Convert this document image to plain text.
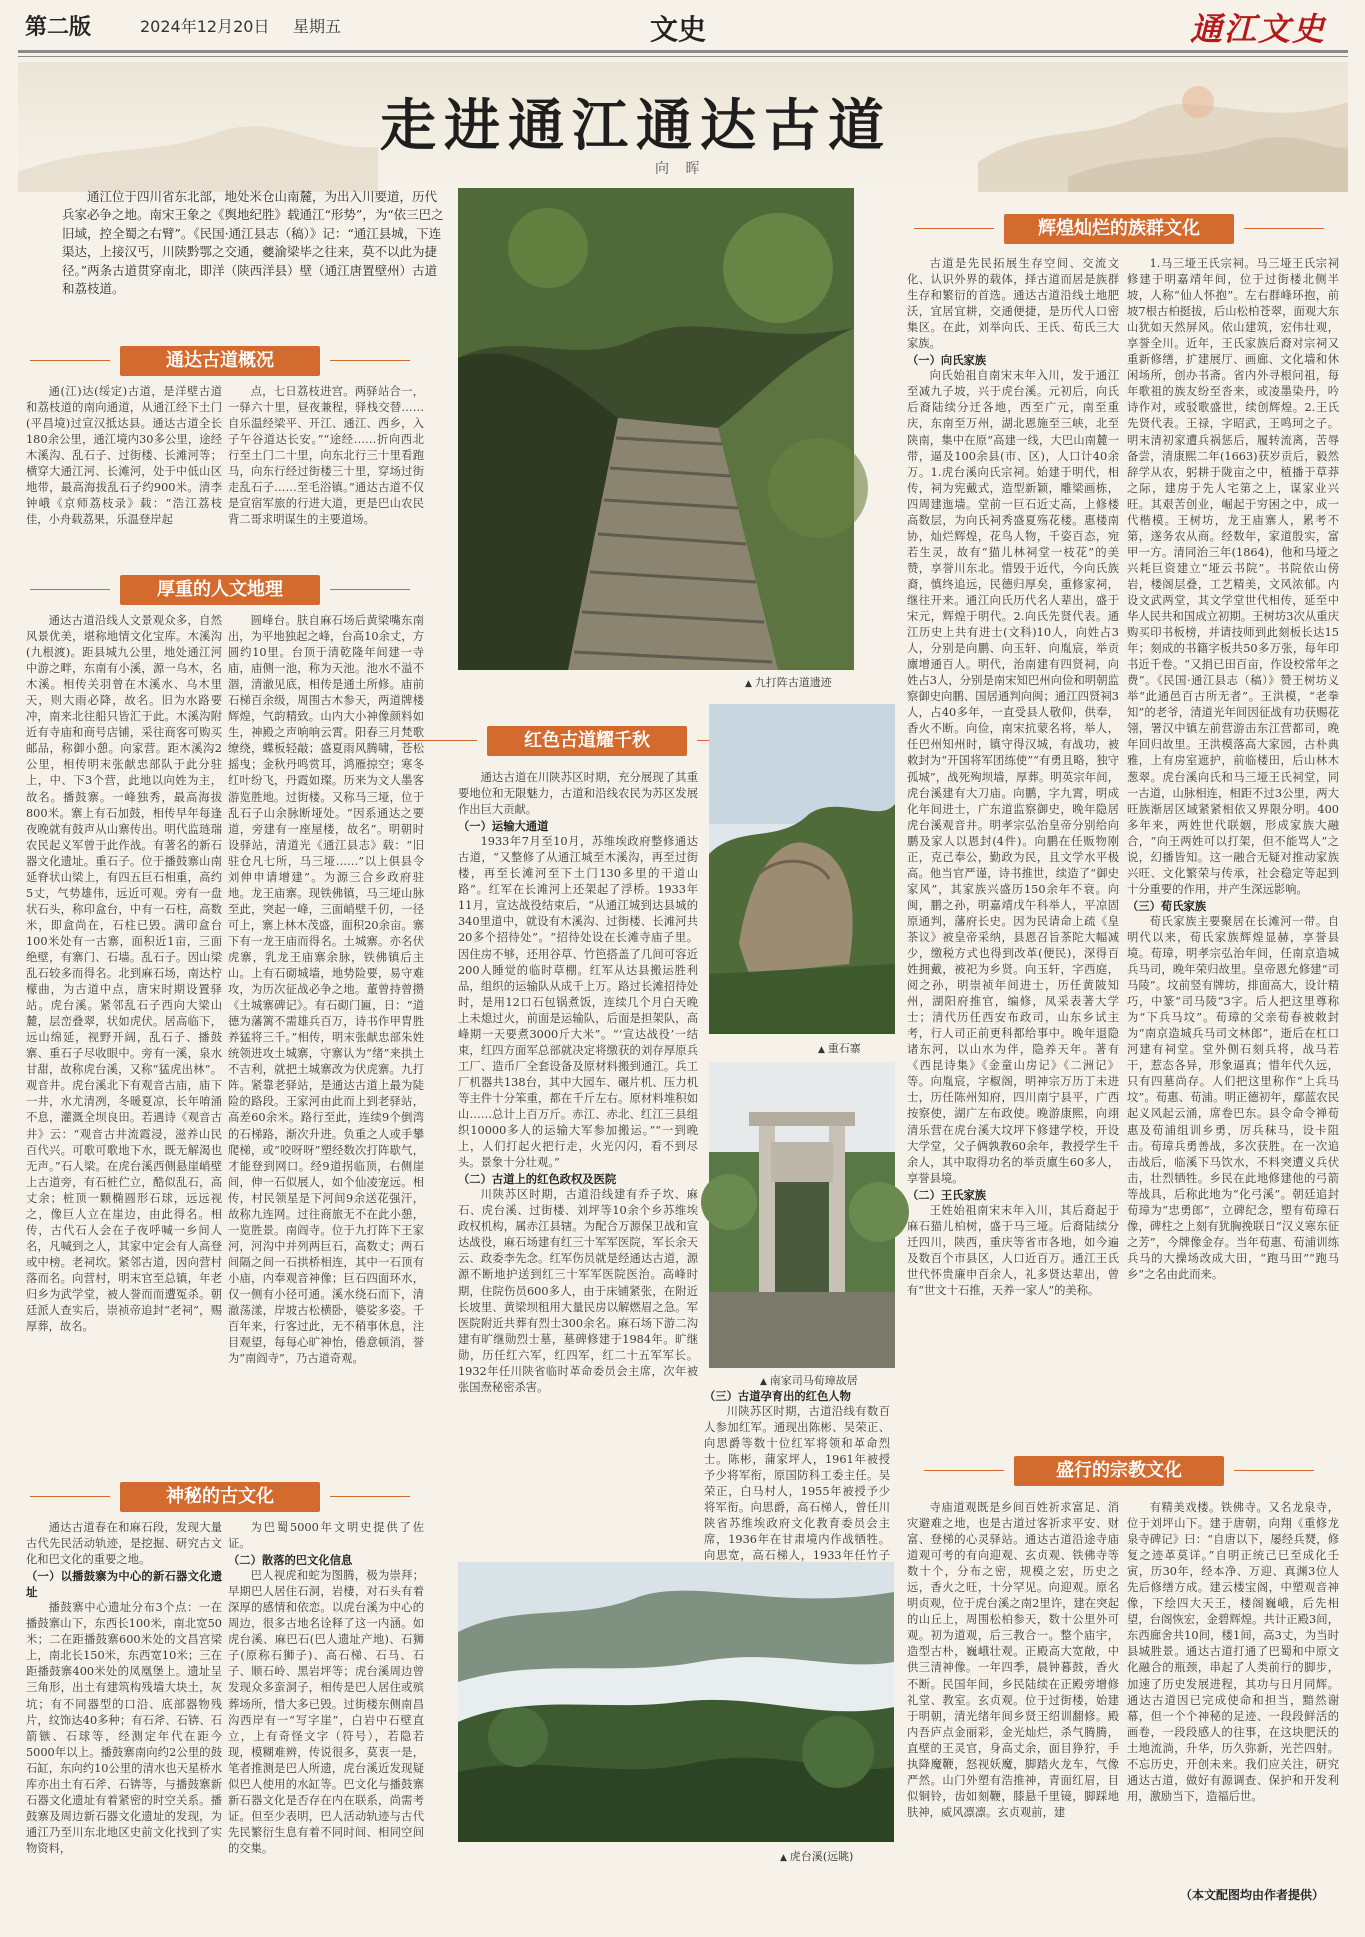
第二版	2024年12月20日 星期五	文史	通江文史
走进通江通达古道
向 晖
通江位于四川省东北部，地处米仓山南麓，为出入川要道，历代兵家必争之地。南宋王象之《舆地纪胜》载通江“形势”，为“依三巴之旧域，控全蜀之右臂”。《民国·通江县志（稿）》记：“通江县城，下连渠达，上接汉丐，川陕黔鄂之交通，夔渝梁毕之往来，莫不以此为捷径。”两条古道贯穿南北，即洋（陕西洋县）壁（通江唐置壁州）古道和荔枝道。
通达古道概况

通(江)达(绥定)古道，是洋壁古道和荔枝道的南向通道，从通江经下土门(平昌境)过宣汉抵达县。通达古道全长180余公里，通江境内30多公里，途经木溪沟、乱石子、过街楼、长滩河等；横穿大通江河、长滩河，处于中低山区地带，最高海拔乱石子约900米。清李钟峨《京师荔枝录》载：“浩江荔枝佳，小舟载荔果，乐温登岸起

点，七日荔枝进宫。两驿站合一，一驿六十里，昼夜兼程，驿栈交替……自乐温经梁平、开江、通江、西乡，入子午谷道达长安。”“途经……折向西北行至土门二十里，向东北行三十里看跑马，向东行经过街楼三十里，穿场过街走乱石子……至毛浴镇。”通达古道不仅是宣宿军旅的行进大道，更是巴山农民背二哥求明谋生的主要道场。

厚重的人文地理

通达古道沿线人文景观众多，自然风景优美，堪称地情文化宝库。木溪沟(九根渡)。距县城九公里，地处通江河中游之畔，东南有小溪，源一乌木，名木溪。相传关羽曾在木溪水、乌木里天，则大雨必降，故名。旧为水路要冲，南来北往船只皆汇于此。木溪沟附近有寺庙和商号店铺，采往商客可购买邮品，称御小憩。向家营。距木溪沟2公里，相传明末张献忠部队于此分驻上，中、下3个营，此地以向姓为主，故名。播鼓寨。一峰独秀，最高海拔800米。寨上有石加鼓，相传早年每逢夜晚就有鼓声从山寨传出。明代监琏瑞农民起义军曾于此作战。有著名的新石器文化遗址。重石子。位于播鼓寨山南延脊状山梁上，有四五巨石相重，高约5丈，气势雄伟，远近可观。旁有一盘状石头，称印盒台，中有一石柱，高数米，即盒尚在，石柱已毁。满印盒台100米处有一古寨，面积近1亩，三面绝壁，有寨门、石墙。乱石子。因山梁乱石较多而得名。北到麻石场，南达柠檬曲，为古道中点，唐宋时期设置驿站。虎台溪。紧邻乱石子西向大梁山麓，层峦叠翠，状如虎伏。居高临下，远山绵延，视野开阔，乱石子、播鼓寨、重石子尽收眼中。旁有一溪，泉水甘甜，故称虎台溪，又称“猛虎出林”。观音井。虎台溪北下有观音古庙，庙下一井，水尤清冽，冬暖夏凉，长年唷涌不息，灌溉全坝良田。若遇诗《观音古井》云：“观音古井流霞浸，滋养山民百代兴。可歌可歌地下水，既无解渴也无声。”石人梁。在虎台溪西侧悬崖峭壁上古道旁，有石桩伫立，酷似乱石，高丈余；桩顶一颗椭圆形石球，远远视之，像巨人立在崖边，由此得名。相传，古代石人会在子夜呼喊一乡间人名，凡喊到之人，其家中定会有人高登或中榜。老祠坎。紧邻古道，因向营村落而名。向营村，明末官至总镇，年老归乡为武学堂，被人誉而而遭冤杀。朝廷派人查实后，崇祯帝追封“老祠”，赐厚葬，故名。

圆峰台。肤自麻石场后黄梁嘴东南出，为平地独起之峰，台高10余丈，方圆约10里。台顶于清乾隆年间建一寺庙，庙侧一池，称为天池。池水不溢不涸，清澈见底，相传是通土所修。庙前石梯百余级，周围古木参天，两道牌楼辉煌，气韵精致。山内大小神像颜料如生，神殿之声响响云霄。阳春三月梵歌缭绕，蝶板轻敲；盛夏雨风腾啸，苍松摇曳；金秋丹鸣赏耳，鸿雁掠空；寒冬红叶纷飞，丹霞如璨。历来为文人墨客游览胜地。过街楼。又称马三垭，位于乱石子山余脉断垭处。“因系通达之要道，旁建有一座屋楼，故名”。明朝时设驿站，清道光《通江县志》载：“旧驻仓凡七所，马三垭……”以上俱县令刘伸申请增建”。为源三合乡政府驻地。龙王庙寨。现铁佛镇，马三垭山脉至此，突起一峰，三面峭壁千仞，一径可上，寨上林木茂盛，面积20余亩。寨下有一龙王庙而得名。土城寨。亦名伏虎寨，乳龙王庙寨余脉，铁佛镇后主山。上有石砌城墙，地势险要，易守难攻，为历次征战必争之地。董曾持曾攒《土城寨碑记》。有石砌门匾，日：“道德为藩篱不需雄兵百万，诗书作甲胄胜养猛将三千。”相传，明末张献忠部朱姓统领进攻土城寨，守寨认为“绪”来拱土不吉利，就把土城寨改为伏虎寨。九打阵。紧靠老驿站，是通达古道上最为陡险的路段。王家河由此而上到老驿站，高差60余米。路行至此，连续9个倒湾的石梯路，渐次升进。负重之人或手攀爬梯，或“咬呀呀”塑经数次打阵歇气，才能登到网口。经9道拐临顶，右侧崖间，伸一石似展人，如个仙凌宠远。相传，村民领星是下河间9余送花强汗，故称九连网。过往商旅无不在此小憩，一览胜景。南阎寺。位于九打阵下王家河，河沟中并列两巨石，高数丈；两石间隔之间一石拱桥相连，其中一石顶有小庙，内奉观音神像；巨石四面环水，仅一侧有小径可通。溪水绕石而下，清澈荡漾，岸坡古松横卧，婆娑多姿。千百年来，行客过此，无不稍事休息，注目观望，每每心旷神怡，倦意顿消，誉为“南阎寺”，乃古道奇观。

神秘的古文化

通达古道春在和麻石段，发现大量古代先民活动轨迹，是挖掘、研究古文化和巴文化的重要之地。

（一）以播鼓寨为中心的新石器文化遗址

播鼓寨中心遗址分布3个点：一在播鼓寨山下，东西长100米，南北宽50米；二在距播鼓寨600米处的文昌宫梁上，南北长150米，东西宽10米；三在距播鼓寨400米处的凤凰堡上。遗址呈三角形，出土有建筑构残墙大块土，灰坑；有不同器型的口沿、底部器物残片，纹饰达40多种；有石斧、石锛、石箭镞、石球等，经测定年代在距今5000年以上。播鼓寨南向约2公里的鼓石缸，东向约10公里的清水也天星桥水库亦出土有石斧、石锛等，与播鼓寨新石器文化遗址有着紧密的时空关系。播鼓寨及周边新石器文化遗址的发现，为通江乃至川东北地区史前文化找到了实物资料，

为巴蜀5000年文明史提供了佐证。

（二）散落的巴文化信息

巴人视虎和蛇为图腾，极为崇拜；早期巴人居住石洞，岩棲，对石头有着深厚的感情和依恋。以虎台溪为中心的周边，很多古地名诠释了这一内涵。如虎台溪、麻巴石(巴人遗址产地)、石狮子(原称石狮子)、高石梯、石马、石子、顺石岭、黑岩坪等；虎台溪周边曾发现众多蛮洞子，相传是巴人居住或殡葬场所，惜大多已毁。过街楼东侧南昌沟西岸有一“写字崖”，白岩中石壁直立，上有奇怪文字（符号），若隐若现，模糊难辨，传说很多，莫衷一是，笔者推测是巴人所遗，虎台溪近发现疑似巴人使用的水缸等。巴文化与播鼓寨新石器文化是否存在内在联系，尚需考证。但至少表明，巴人活动轨迹与古代先民繁衍生息有着不同时间、相同空间的交集。

▲ 九打阵古道遗迹
红色古道耀千秋

通达古道在川陕苏区时期，充分展现了其重要地位和无限魅力，古道和沿线农民为苏区发展作出巨大贡献。

（一）运输大通道

1933年7月至10月，苏维埃政府整修通达古道，“又整修了从通江城至木溪沟，再至过街楼，再至长滩河至下土门130多里的干道山路”。红军在长滩河上还架起了浮桥。1933年11月，宣达战役结束后，“从通江城到达县城的340里道中，就设有木溪沟、过街楼、长滩河共20多个招待处”。“招待处设在长滩寺庙子里。因住房不够，还用谷草、竹笆搭盖了几间可容近200人睡觉的临时草棚。红军从达县搬运胜利品，组织的运输队从成千上万。路过长滩招待处时，是用12口石包锅煮饭，连续几个月白天晚上未熄过火，前面是运输队，后面是担架队，高峰期一天要煮3000斤大米”。“‘宣达战役’一结束，红四方面军总部就决定将缴获的刘存厚原兵工厂、造币厂全套设备及原材料搬到通江。兵工厂机器共138台，其中大园车、碾片机、压力机等主件十分笨重，都在千斤左右。原材料堆积如山……总计上百万斤。赤江、赤北、红江三县组织10000多人的运输大军参加搬运。”“一到晚上，人们打起火把行走，火光闪闪，看不到尽头。景象十分壮观。”

（二）古道上的红色政权及医院

川陕苏区时期，古道沿线建有乔子坎、麻石、虎台溪、过街楼、刘坪等10余个乡苏维埃政权机构，属赤江县辖。为配合万源保卫战和宣达战役，麻石场建有红三十军军医院，军长余天云、政委李先念。红军伤员就是经通达古道，源源不断地护送到红三十军军医院医治。高峰时期，住院伤员600多人，由于床铺紧张，在附近长坡里、黄梁坝租用大量民房以解燃眉之急。军医院附近共葬有烈士300余名。麻石场下游二沟建有旷继勋烈士墓，墓碑修建于1984年。旷继勋，历任红六军，红四军，红二十五军军长。1932年任川陕省临时革命委员会主席，次年被张国焘秘密杀害。

（三）古道孕育出的红色人物

川陕苏区时期，古道沿线有数百人参加红军。通现出陈彬、吴荣正、向思爵等数十位红军将领和革命烈士。陈彬，蒲家坪人，1961年被授予少将军衔，原国防科工委主任。吴荣正，白马村人，1955年被授予少将军衔。向思爵，高石梯人，曾任川陕省苏维埃政府文化教育委员会主席，1936年在甘肃境内作战牺牲。向思宽，高石梯人，1933年任竹子

▲ 重石寨
▲ 南家司马荀璋故居
▲ 虎台溪(远眺)
辉煌灿烂的族群文化

古道是先民拓展生存空间、交流文化、认识外界的载体，择古道而居是族群生存和繁衍的首选。通达古道沿线土地肥沃，宜居宜耕，交通便捷，是历代人口密集区。在此，刘举向氏、王氏、荀氏三大家族。

（一）向氏家族

向氏始祖自南宋末年入川，发于通江至减九子坡，兴于虎台溪。元初后，向氏后裔陆续分迁各地，西至广元，南至重庆，东南至万州，湖北恩施至三峡，北至陕南，集中在原“高建一线，大巴山南麓一带，逼及100余县(市、区)，人口计40余万。1.虎台溪向氏宗祠。始建于明代，相传，祠为宪戴式，造型新颖，雕梁画栋，四周建迤墙。堂前一巨石近丈高，上修楼高数层，为向氏祠秀盛夏殇花楼。惠楼南协，灿烂辉煌，花鸟人物，千姿百态，宛若生灵，故有“猫儿林祠堂一枝花”的美赞，享誉川东北。惜毁于近代，今向氏族裔，慎终追远，民德归厚矣，重修家祠，继往开来。通江向氏历代名人辈出，盛于宋元，辉煌于明代。2.向氏先贤代表。通江历史上共有进士(文科)10人，向姓占3人，分别是向鹏、向玉轩、向胤宸，举贡廪增通百人。明代，治南建有四贤祠，向姓占3人，分别是南宋知巴州向俭和明朝监察御史向鹏、国居通判向闽；通江四贤祠3人，占40多年，一直受县人敬仰，供奉，香火不断。向俭，南宋抗蒙名将，举人，任巴州知州时，镇守得汉城，有战功，被敕封为“开国将军团练使”“有勇且略，独守孤城”，战死殉坝墙，厚葬。明英宗年间，虎台溪建有大刀庙。向鹏，字九霄，明成化年间进士，广东道监察御史，晚年隐居虎台溪观音井。明孝宗弘治皇帝分别给向鹏及家人以恩封(4件)。向鹏在任贩物刚正，克己奉公，勤政为民，且文学水平极高。他当官严谨，诗书推世，续造了“御史家风”，其家族兴盛历150余年不衰。向闽，鹏之孙，明嘉靖戊午科举人，平凉固原通判，藩府长史。因为民请命上疏《皇茶议》被皇帝采纳，县恩召旨茶陀大幅减少，缴税方式也得到改革(便民)，深得百姓拥戴，被祀为乡贤。向玉轩，字西庭，阅之孙，明崇祯年间进士，历任黄陂知州，湖阳府推官，编修，凤采表著大学士；清代历任西安布政司，山东乡试主考，行人司正前更科都给事中。晚年退隐诸东河，以山水为伴，隐养天年。著有《西昆诗集》《金童山房记》《二洲记》等。向胤宸，字椒阁，明神宗万历丁未进士，历任陈州知府，四川南宁县平，广西按察使，湖广左布政使。晚游康熙，向翊清乐营在虎台溪大坟坪下修建学校，开设大学堂，父子俩孰教60余年，教授学生千余人，其中取得功名的举贡廪生60多人，享誉县境。

（二）王氏家族

王姓始祖南宋末年入川，其后裔起于麻石猫儿柏树，盛于马三垭。后裔陆续分迁四川，陕西，重庆等省市各地，如今遍及数百个市县区，人口近百万。通江王氏世代怀贵廉申百余人，礼多贤达辈出，曾有“世文十石推，天养一家人”的美称。

1.马三垭王氏宗祠。马三垭王氏宗祠修建于明嘉靖年间，位于过街楼北侧半坡，人称“仙人怀抱”。左右群峰环抱，前坡7根古柏挺拔，后山松柏苍翠，面观大东山犹如天然屏风。依山建筑，宏伟壮观，享誉全川。近年，王氏家族后裔对宗祠又重新修缮，扩建展厅、画廊、文化墙和休闲场所，创办书斋。省内外寻根问祖，每年歌祖的族友纷至沓来，或凌墨染丹，吟诗作对，或驳歌盛世，续创辉煌。2.王氏先贤代表。王禄，字昭武，王鸣珂之子。明末清初家遭兵祸惩后，履转流离，苦辱备尝，清康熙二年(1663)获岁贡后，毅然辞学从农，躬耕于陇亩之中，植播于草莽之际，建房于先人宅第之上，谋家业兴旺。其艰苦创业，崛起于穷困之中，成一代楷模。王树坊，龙王庙寨人，累考不第，遂务农从商。经数年，家道殷实，富甲一方。清同治三年(1864)，他和马垭之兴耗巨资建立“垭云书院”。书院依山傍岩，楼阁层叠，工艺精美，文风浓郁。内设文武两堂，其文学堂世代相传，延至中华人民共和国成立初期。王树坊3次从重庆购买印书板榜，并请技师到此刻板长达15年；刻成的书籍字板共50多万张，每年印书近千卷。“又捐已田百亩，作设校常年之费”。《民国·通江县志（稿）》赞王树坊义举“此通邑百古所无者”。王洪模，“老拳知”的老爷，清道光年间因征战有功获赐花翎，署汉中镇左前营游击东江营都司，晚年回归故里。王洪模落高大家园，古朴典雅，上有房室遮护，前临楼田，后山林木葱翠。虎台溪向氏和马三垭王氏祠堂，同一古道，山脉相连，相距不过3公里，两大旺族渐居区域紧紧相依又界限分明。400多年来，两姓世代联姻，形成家族大融合，“向王两姓可以打架，但不能骂人”之说，幻播皆知。这一融合无疑对推动家族兴旺、文化繁荣与传承，社会稳定等起到十分重要的作用，并产生深远影响。

（三）荀氏家族

荀氏家族主要聚居在长滩河一带。自明代以来，荀氏家族辉煌显赫，享誉县境。荀璋，明孝宗弘治年间，任南京造城兵马司，晚年荣归故里。皇帝恩允修建“司马陵”。坟前竖有牌坊，排面高大，设计精巧，中篆“司马陵”3字。后人把这里尊称为“下兵马坟”。荀璋的父亲荀春被敕封为“南京造城兵马司文林郎”，逝后在杠口河建有祠堂。堂外侧石刻兵将，战马若干，惹态各异，形象逼真；惜年代久远，只有四墓尚存。人们把这里称作“上兵马坟”。荀惠、荀浦。明正德初年，鄢蓝农民起义风起云涌，席卷巴东。县令命令禅荀惠及荀浦组训乡勇，厉兵秣马，设卡阻击。荀璋兵勇善战，多次获胜。在一次追击战后，临溪下马饮水，不料突遭义兵伏击，壮烈牺牲。乡民在此地修建他的弓箭等战具，后称此地为“化弓溪”。朝廷追封荀璋为“忠勇郎”，立碑纪念，塑有荀璋石像，碑柱之上刻有犹胸挽联日“汉义寒东征之芳”，今牌像金存。当年荀惠、荀浦训练兵马的大操场改成大田，“跑马田”“跑马乡”之名由此而来。

盛行的宗教文化

寺庙道观既是乡间百姓祈求富足、消灾避难之地，也是古道过客祈求平安、财富、登梯的心灵驿站。通达古道沿途寺庙道观可考的有向迎观、玄贞观、铁佛寺等数十个，分布之密，规模之宏，历史之远，香火之旺，十分罕见。向迎观。原名明贞观，位于虎台溪之南2里许，建在突起的山丘上，周围松柏参天，数十公里外可观。初为道观，后三教合一。整个庙宇，造型古朴，巍峨壮观。正殿高大宽敞，中供三清神像。一年四季，晨钟暮鼓，香火不断。民国年间，乡民陆续在正殿旁增修礼堂、教室。玄贞观。位于过街楼，始建于明朝，清光绪年间乡贤王绍训翻修。殿内吾庐点金丽彩，金光灿烂，杀气腾腾，直壁的王灵官，身高丈余，面目狰狞，手执降魔鞭，怒视妖魔，脚踏火龙车，气像严然。山门外塑有浩推神，青面红眉，目似铜铃，齿如刻鞭，膝悬千里镜，脚踩地肤神，威风凛凛。玄贞观前，建

有精美戏楼。铁佛寺。又名龙泉寺，位于刘坪山下。建于唐朝，向翔《重修龙泉寺碑记》曰：“自唐以下，屡经兵燹，修复之迹革莫详。”自明正统己巳至成化壬寅，历30年，经本净、万迎、真渊3位人先后修缮方成。建云楼宝阁，中塑观音神像，下绘四大天王，楼阁巍峨，后先相望，台阁恢宏，金碧辉煌。共计正殿3间，东西廊舍共10间，楼1间，高3丈，为当时县城胜景。通达古道打通了巴蜀和中原文化融合的瓶颈，串起了人类前行的脚步，加速了历史发展进程，其功与日月同辉。通达古道因已完成使命和担当，黯然谢幕，但一个个神秘的足迹、一段段鲜活的画卷，一段段感人的往事，在这块肥沃的土地流淌，升华，历久弥新，光芒四射。不忘历史，开创未来。我们应关注，研究通达古道，做好有源调查、保护和开发利用，激励当下，造福后世。

（本文配图均由作者提供）
